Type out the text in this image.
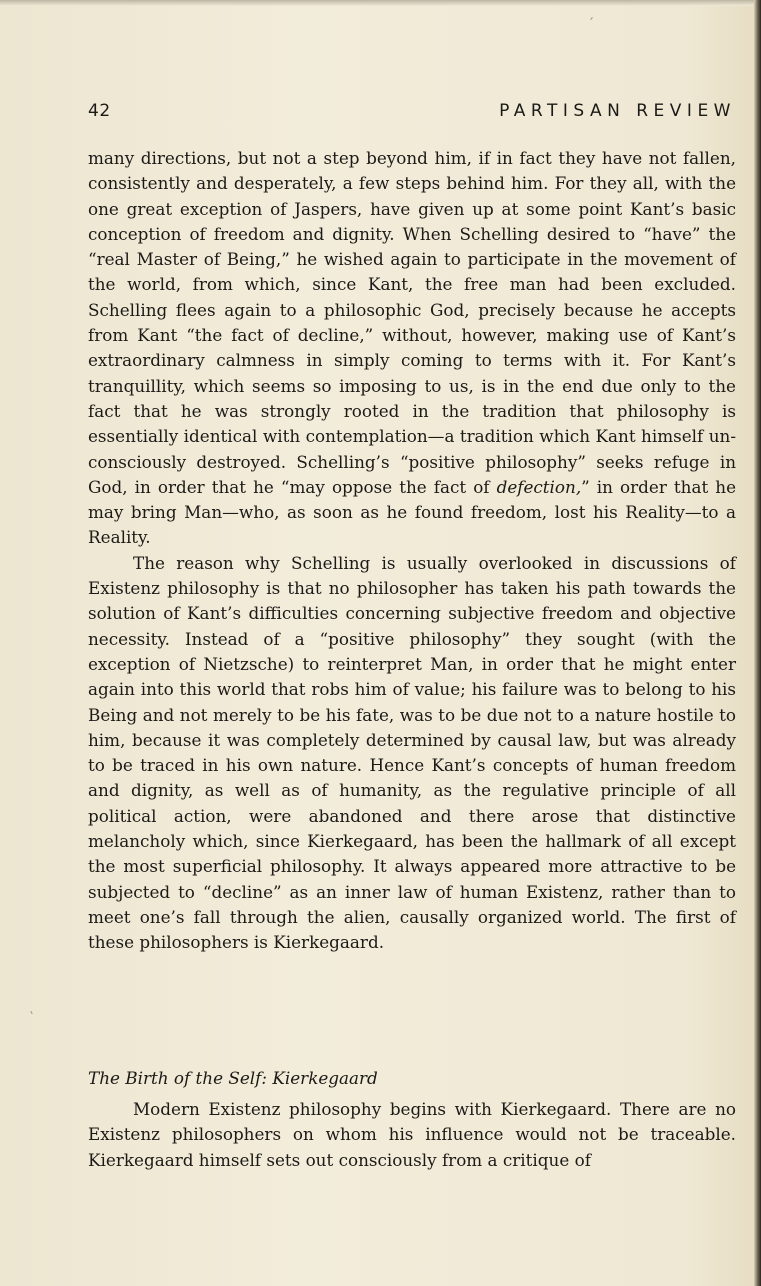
42	PARTISAN REVIEW

many directions, but not a step beyond him, if in fact they have not fallen, consistently and desperately, a few steps behind him. For they all, with the one great exception of Jaspers, have given up at some point Kant’s basic conception of freedom and dignity. When Schelling desired to “have” the “real Master of Being,” he wished again to participate in the movement of the world, from which, since Kant, the free man had been excluded. Schelling flees again to a philosophic God, precisely because he accepts from Kant “the fact of decline,” without, however, making use of Kant’s extraordinary calmness in simply coming to terms with it. For Kant’s tranquillity, which seems so imposing to us, is in the end due only to the fact that he was strongly rooted in the tradition that philosophy is essentially identical with contemplation—a tradition which Kant himself unconsciously destroyed. Schelling’s “positive philosophy” seeks refuge in God, in order that he “may oppose the fact of defection,” in order that he may bring Man—who, as soon as he found freedom, lost his Reality—to a Reality.

The reason why Schelling is usually overlooked in discussions of Existenz philosophy is that no philosopher has taken his path towards the solution of Kant’s difficulties concerning subjective freedom and objective necessity. Instead of a “positive philosophy” they sought (with the exception of Nietzsche) to reinterpret Man, in order that he might enter again into this world that robs him of value; his failure was to belong to his Being and not merely to be his fate, was to be due not to a nature hostile to him, because it was completely determined by causal law, but was already to be traced in his own nature. Hence Kant’s concepts of human freedom and dignity, as well as of humanity, as the regulative principle of all political action, were abandoned and there arose that distinctive melancholy which, since Kierkegaard, has been the hallmark of all except the most superficial philosophy. It always appeared more attractive to be subjected to “decline” as an inner law of human Existenz, rather than to meet one’s fall through the alien, causally organized world. The first of these philosophers is Kierkegaard.

The Birth of the Self: Kierkegaard

Modern Existenz philosophy begins with Kierkegaard. There are no Existenz philosophers on whom his influence would not be traceable. Kierkegaard himself sets out consciously from a critique of
